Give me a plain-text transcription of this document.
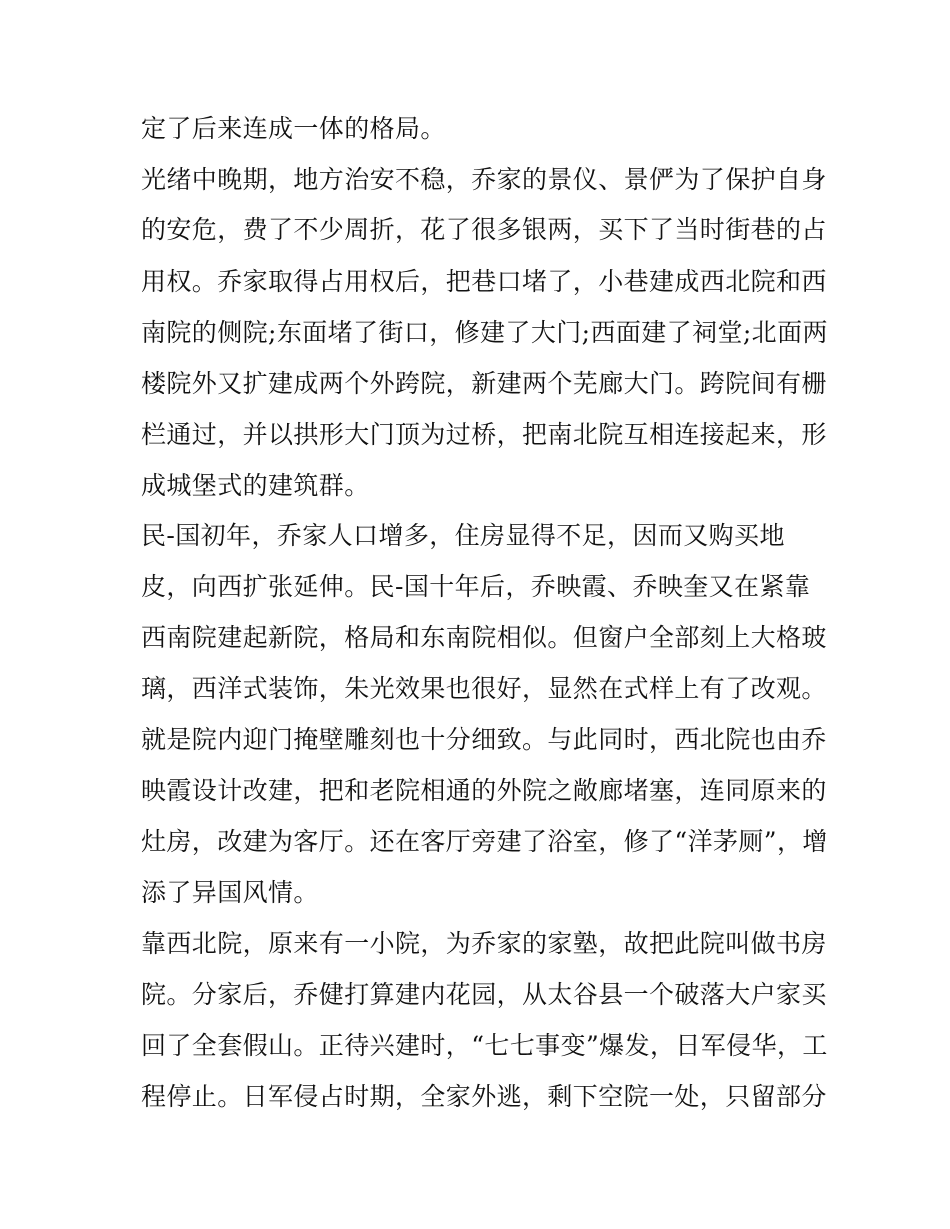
定了后来连成一体的格局。
光绪中晚期，地方治安不稳，乔家的景仪、景俨为了保护自身
的安危，费了不少周折，花了很多银两，买下了当时街巷的占
用权。乔家取得占用权后，把巷口堵了，小巷建成西北院和西
南院的侧院;东面堵了街口，修建了大门;西面建了祠堂;北面两
楼院外又扩建成两个外跨院，新建两个芜廊大门。跨院间有栅
栏通过，并以拱形大门顶为过桥，把南北院互相连接起来，形
成城堡式的建筑群。
民-国初年，乔家人口增多，住房显得不足，因而又购买地
皮，向西扩张延伸。民-国十年后，乔映霞、乔映奎又在紧靠
西南院建起新院，格局和东南院相似。但窗户全部刻上大格玻
璃，西洋式装饰，朱光效果也很好，显然在式样上有了改观。
就是院内迎门掩壁雕刻也十分细致。与此同时，西北院也由乔
映霞设计改建，把和老院相通的外院之敞廊堵塞，连同原来的
灶房，改建为客厅。还在客厅旁建了浴室，修了“洋茅厕”，增
添了异国风情。
靠西北院，原来有一小院，为乔家的家塾，故把此院叫做书房
院。分家后，乔健打算建内花园，从太谷县一个破落大户家买
回了全套假山。正待兴建时，“七七事变”爆发，日军侵华，工
程停止。日军侵占时期，全家外逃，剩下空院一处，只留部分
